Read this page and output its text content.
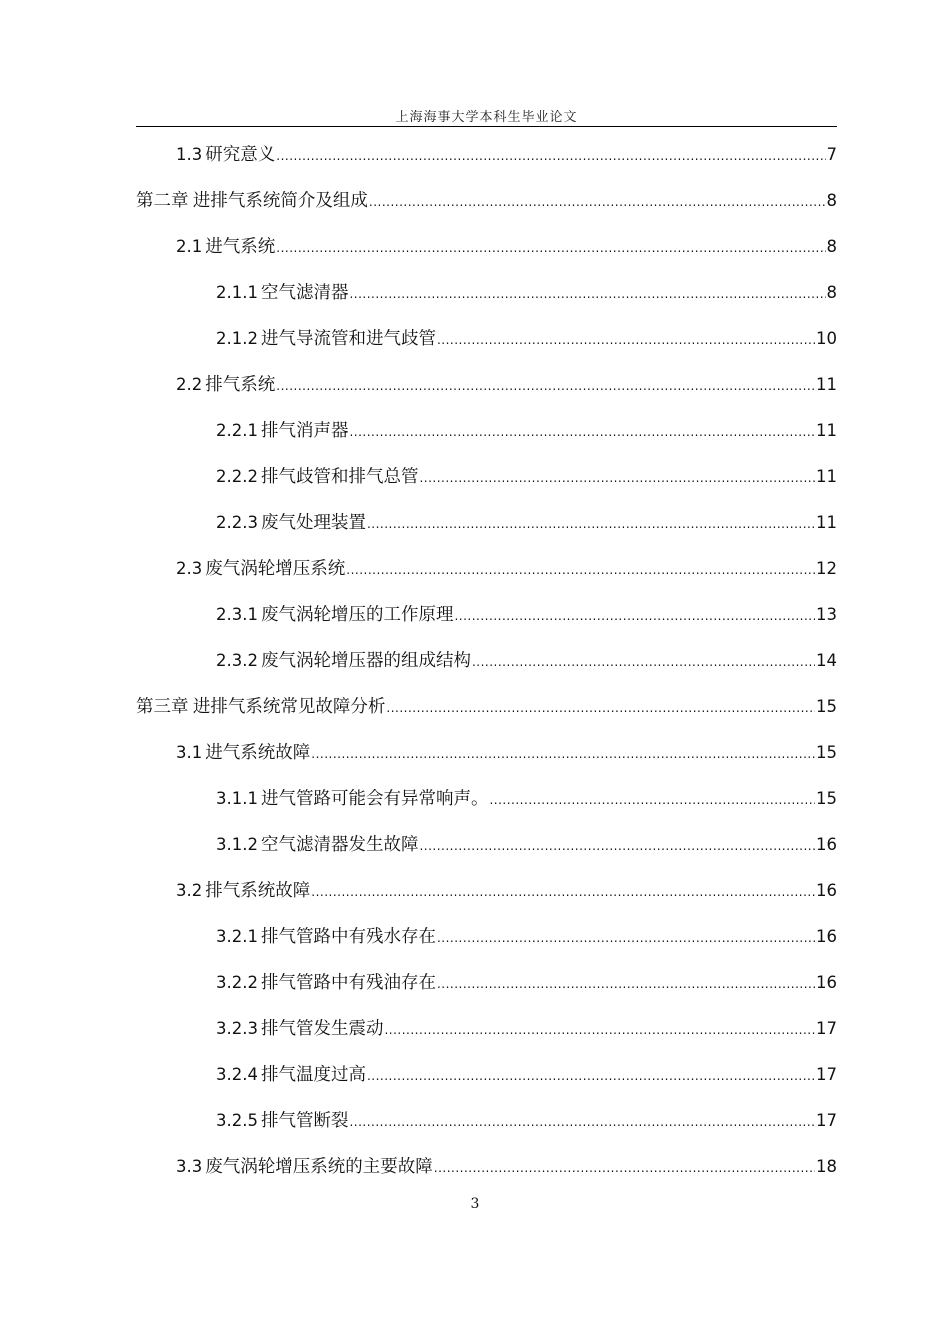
上海海事大学本科生毕业论文
1.3 研究意义 .....	7
第二章 进排气系统简介及组成 .....	8
2.1 进气系统 .....	8
2.1.1 空气滤清器 .....	8
2.1.2 进气导流管和进气歧管 .....	10
2.2 排气系统 .....	11
2.2.1 排气消声器 .....	11
2.2.2 排气歧管和排气总管 .....	11
2.2.3 废气处理装置 .....	11
2.3 废气涡轮增压系统 .....	12
2.3.1 废气涡轮增压的工作原理 .....	13
2.3.2 废气涡轮增压器的组成结构 .....	14
第三章 进排气系统常见故障分析 .....	15
3.1 进气系统故障 .....	15
3.1.1 进气管路可能会有异常响声。 .....	15
3.1.2 空气滤清器发生故障 .....	16
3.2 排气系统故障 .....	16
3.2.1 排气管路中有残水存在 .....	16
3.2.2 排气管路中有残油存在 .....	16
3.2.3 排气管发生震动 .....	17
3.2.4 排气温度过高 .....	17
3.2.5 排气管断裂 .....	17
3.3 废气涡轮增压系统的主要故障 .....	18
3
